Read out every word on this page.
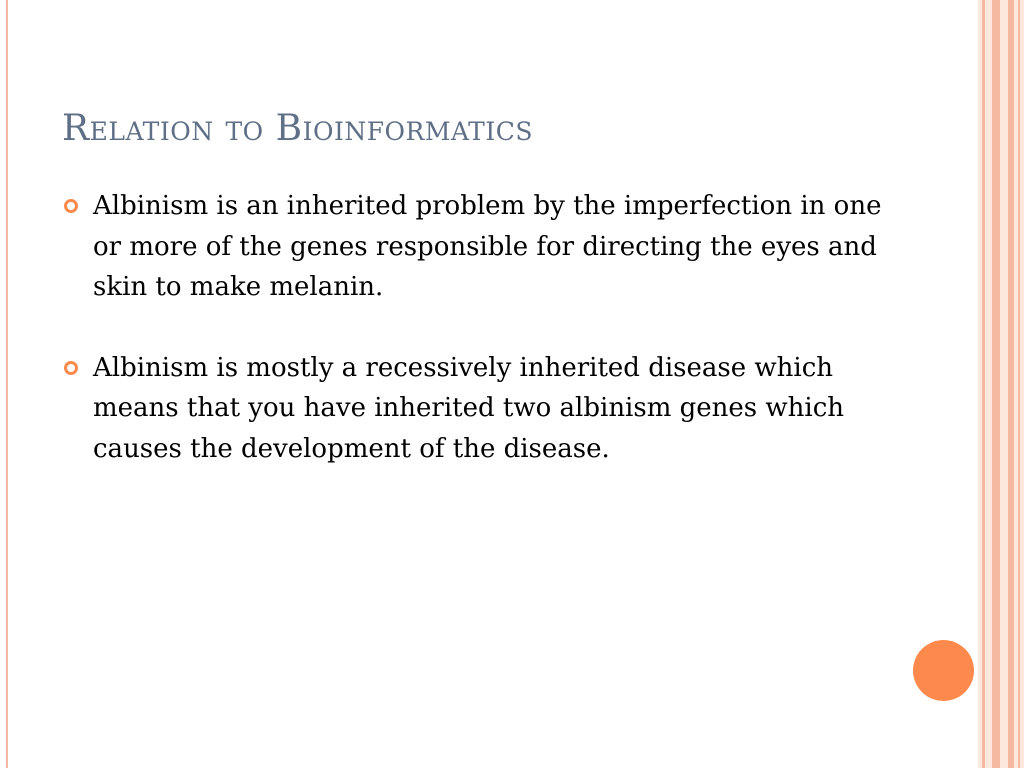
Relation to Bioinformatics
Albinism is an inherited problem by the imperfection in one or more of the genes responsible for directing the eyes and skin to make melanin.
Albinism is mostly a recessively inherited disease which means that you have inherited two albinism genes which causes the development of the disease.
